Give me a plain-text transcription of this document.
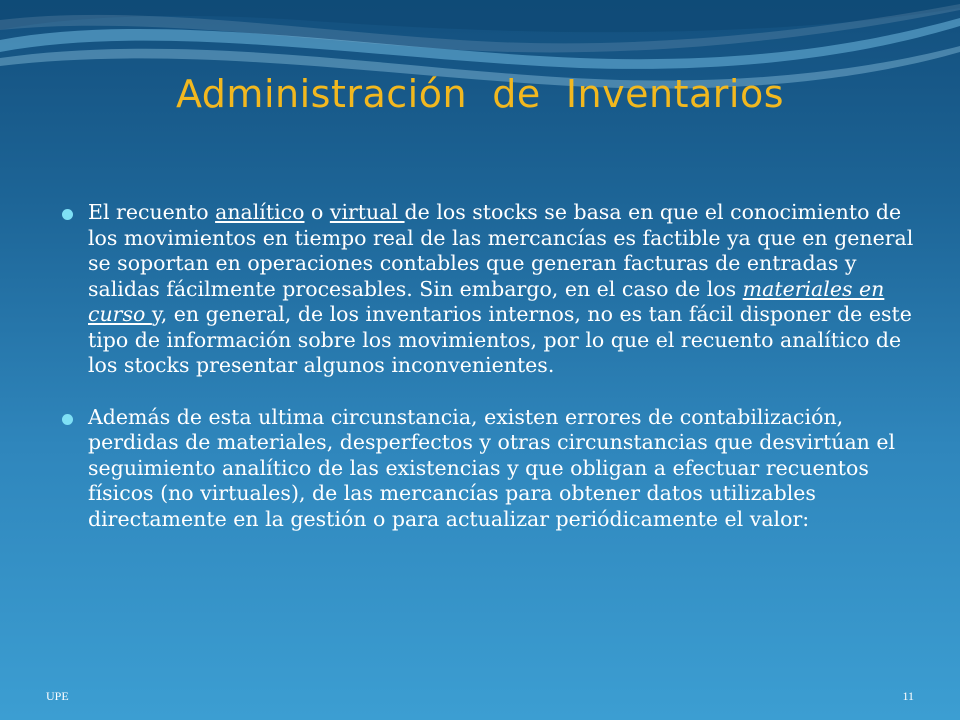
Administración  de  Inventarios
El recuento analítico o virtual de los stocks se basa en que el conocimiento de los movimientos en tiempo real de las mercancías es factible ya que en general se soportan en operaciones contables que generan facturas de entradas y salidas fácilmente procesables. Sin embargo, en el caso de los materiales en curso y, en general, de los inventarios internos, no es tan fácil disponer de este tipo de información sobre los movimientos, por lo que el recuento analítico de los stocks presentar algunos inconvenientes.
Además de esta ultima circunstancia, existen errores de contabilización, perdidas de materiales, desperfectos y otras circunstancias que desvirtúan el seguimiento analítico de las existencias y que obligan a efectuar recuentos físicos (no virtuales), de las mercancías para obtener datos utilizables directamente en la gestión o para actualizar periódicamente el valor:
UPE	11
